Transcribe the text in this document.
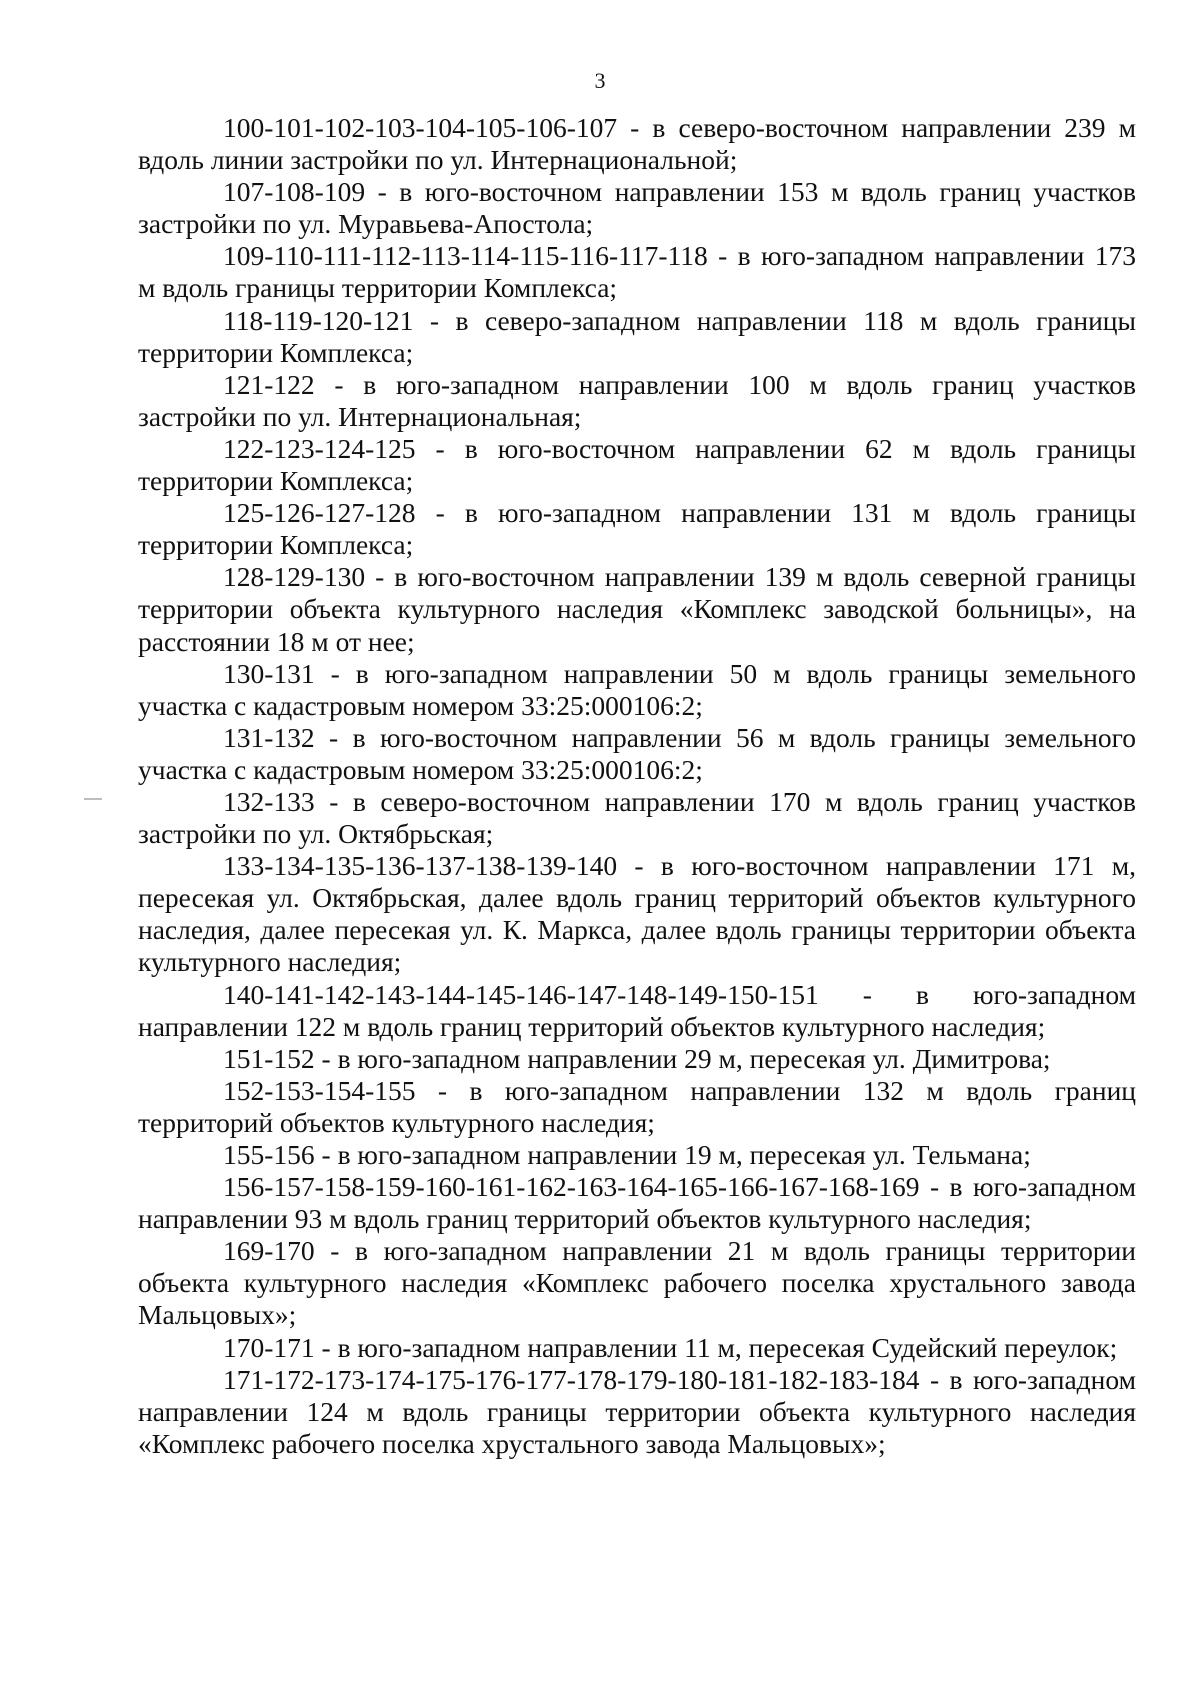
3

100-101-102-103-104-105-106-107 - в северо-восточном направлении 239 м вдоль линии застройки по ул. Интернациональной;

107-108-109 - в юго-восточном направлении 153 м вдоль границ участков застройки по ул. Муравьева-Апостола;

109-110-111-112-113-114-115-116-117-118 - в юго-западном направлении 173 м вдоль границы территории Комплекса;

118-119-120-121 - в северо-западном направлении 118 м вдоль границы территории Комплекса;

121-122 - в юго-западном направлении 100 м вдоль границ участков застройки по ул. Интернациональная;

122-123-124-125 - в юго-восточном направлении 62 м вдоль границы территории Комплекса;

125-126-127-128 - в юго-западном направлении 131 м вдоль границы территории Комплекса;

128-129-130 - в юго-восточном направлении 139 м вдоль северной границы территории объекта культурного наследия «Комплекс заводской больницы», на расстоянии 18 м от нее;

130-131 - в юго-западном направлении 50 м вдоль границы земельного участка с кадастровым номером 33:25:000106:2;

131-132 - в юго-восточном направлении 56 м вдоль границы земельного участка с кадастровым номером 33:25:000106:2;

132-133 - в северо-восточном направлении 170 м вдоль границ участков застройки по ул. Октябрьская;

133-134-135-136-137-138-139-140 - в юго-восточном направлении 171 м, пересекая ул. Октябрьская, далее вдоль границ территорий объектов культурного наследия, далее пересекая ул. К. Маркса, далее вдоль границы территории объекта культурного наследия;

140-141-142-143-144-145-146-147-148-149-150-151 - в юго-западном направлении 122 м вдоль границ территорий объектов культурного наследия;

151-152 - в юго-западном направлении 29 м, пересекая ул. Димитрова;

152-153-154-155 - в юго-западном направлении 132 м вдоль границ территорий объектов культурного наследия;

155-156 - в юго-западном направлении 19 м, пересекая ул. Тельмана;

156-157-158-159-160-161-162-163-164-165-166-167-168-169 - в юго-западном направлении 93 м вдоль границ территорий объектов культурного наследия;

169-170 - в юго-западном направлении 21 м вдоль границы территории объекта культурного наследия «Комплекс рабочего поселка хрустального завода Мальцовых»;

170-171 - в юго-западном направлении 11 м, пересекая Судейский переулок;

171-172-173-174-175-176-177-178-179-180-181-182-183-184 - в юго-западном направлении 124 м вдоль границы территории объекта культурного наследия «Комплекс рабочего поселка хрустального завода Мальцовых»;
